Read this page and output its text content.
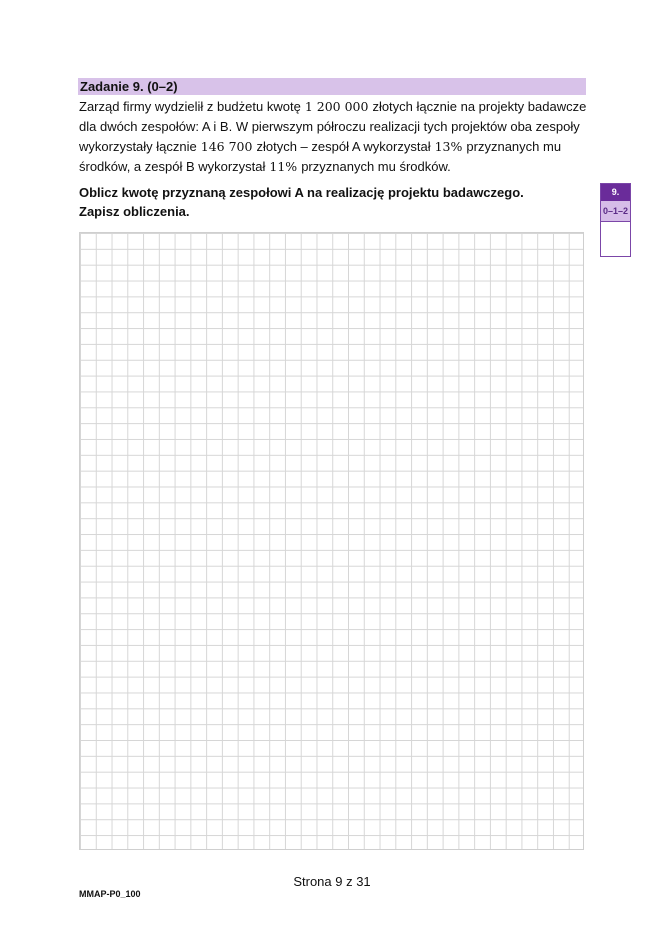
Zadanie 9. (0–2)
Zarząd firmy wydzielił z budżetu kwotę 1 200 000 złotych łącznie na projekty badawcze dla dwóch zespołów: A i B. W pierwszym półroczu realizacji tych projektów oba zespoły wykorzystały łącznie 146 700 złotych – zespół A wykorzystał 13% przyznanych mu środków, a zespół B wykorzystał 11% przyznanych mu środków.
Oblicz kwotę przyznaną zespołowi A na realizację projektu badawczego.
Zapisz obliczenia.
9.
0–1–2
Strona 9 z 31
MMAP-P0_100
